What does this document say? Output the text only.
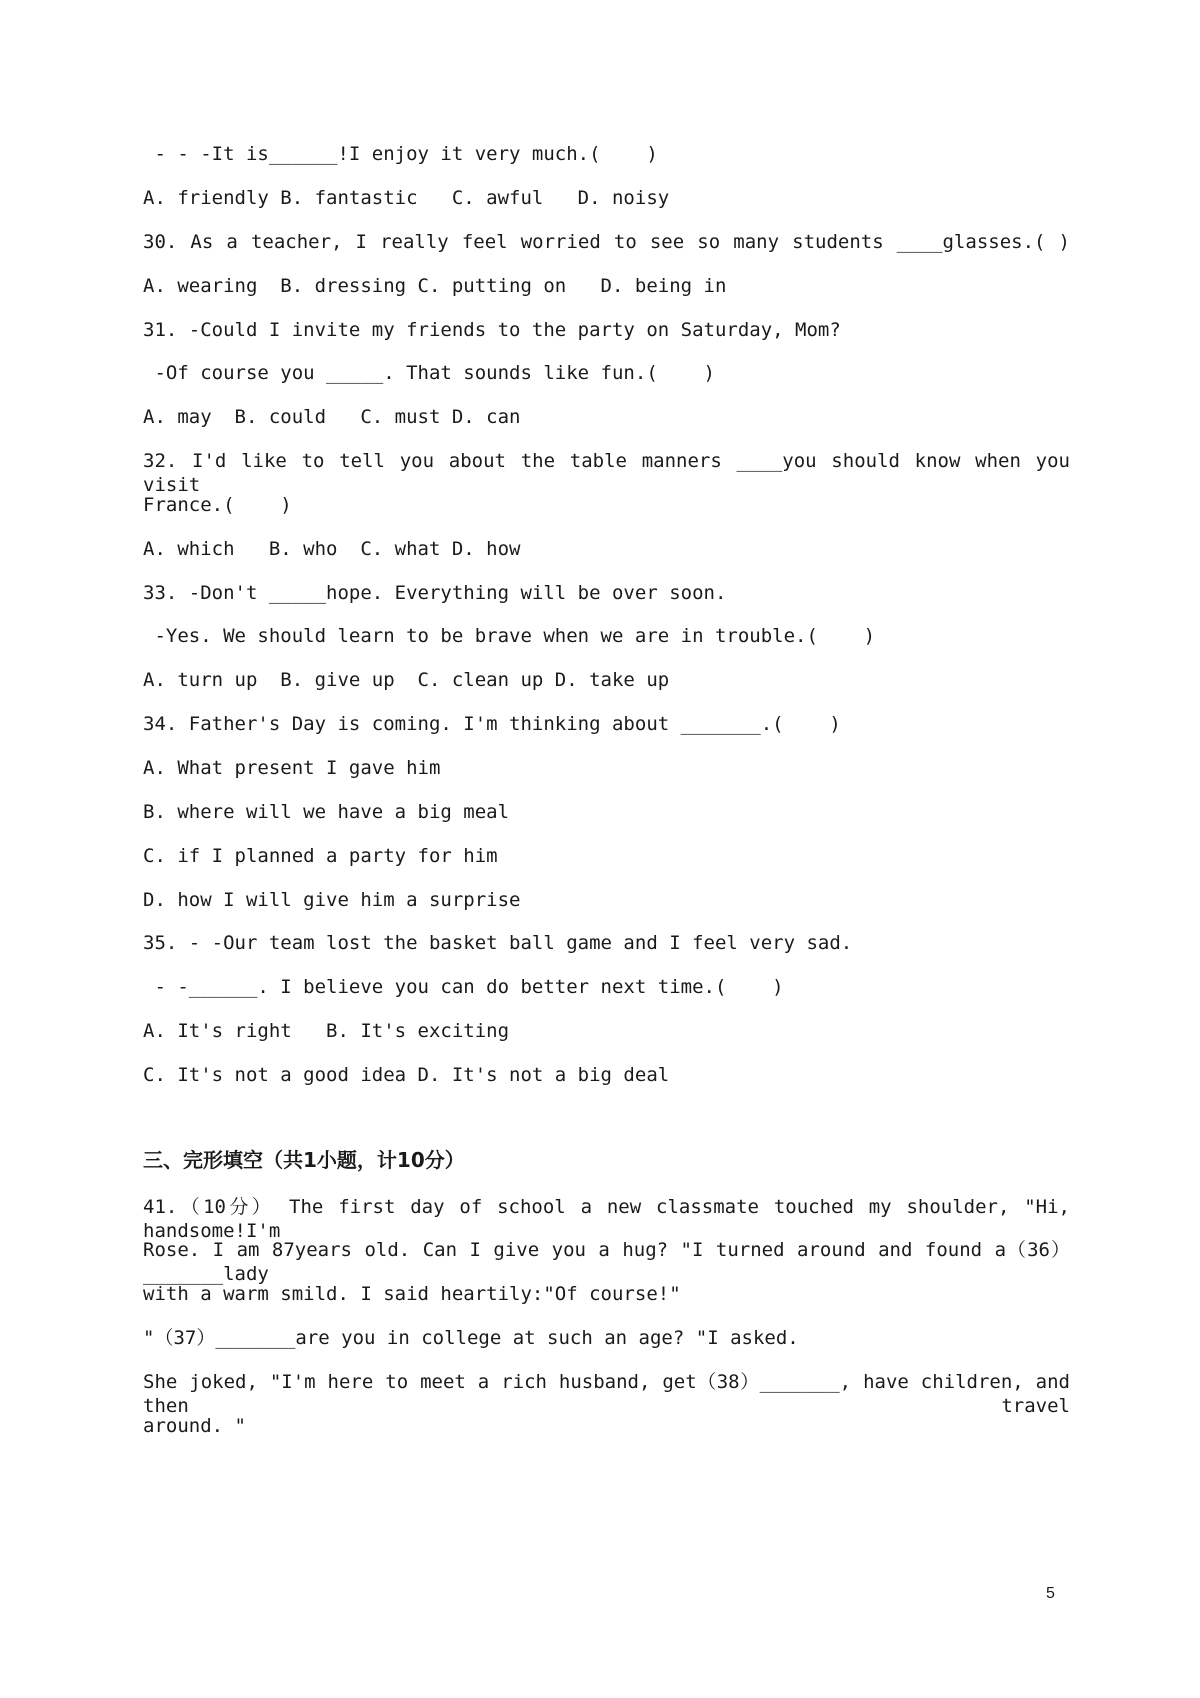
- - -It is______!I enjoy it very much.(    )
A. friendly B. fantastic   C. awful   D. noisy
30. As a teacher, I really feel worried to see so many students ____glasses.( )
A. wearing  B. dressing C. putting on   D. being in
31. -Could I invite my friends to the party on Saturday, Mom?
-Of course you _____. That sounds like fun.(    )
A. may  B. could   C. must D. can
32. I'd like to tell you about the table manners ____you should know when you visit
France.(    )
A. which   B. who  C. what D. how
33. -Don't _____hope. Everything will be over soon.
-Yes. We should learn to be brave when we are in trouble.(    )
A. turn up  B. give up  C. clean up D. take up
34. Father's Day is coming. I'm thinking about _______.(    )
A. What present I gave him
B. where will we have a big meal
C. if I planned a party for him
D. how I will give him a surprise
35. - -Our team lost the basket ball game and I feel very sad.
- -______. I believe you can do better next time.(    )
A. It's right   B. It's exciting
C. It's not a good idea D. It's not a big deal
三、完形填空（共1小题，计10分）
41.（10分） The first day of school a new classmate touched my shoulder, "Hi, handsome!I'm
Rose. I am 87years old. Can I give you a hug? "I turned around and found a（36）_______lady
with a warm smild. I said heartily:"Of course!"
"（37）_______are you in college at such an age? "I asked.
She joked, "I'm here to meet a rich husband, get（38）_______, have children, and then travel
around. "
5
